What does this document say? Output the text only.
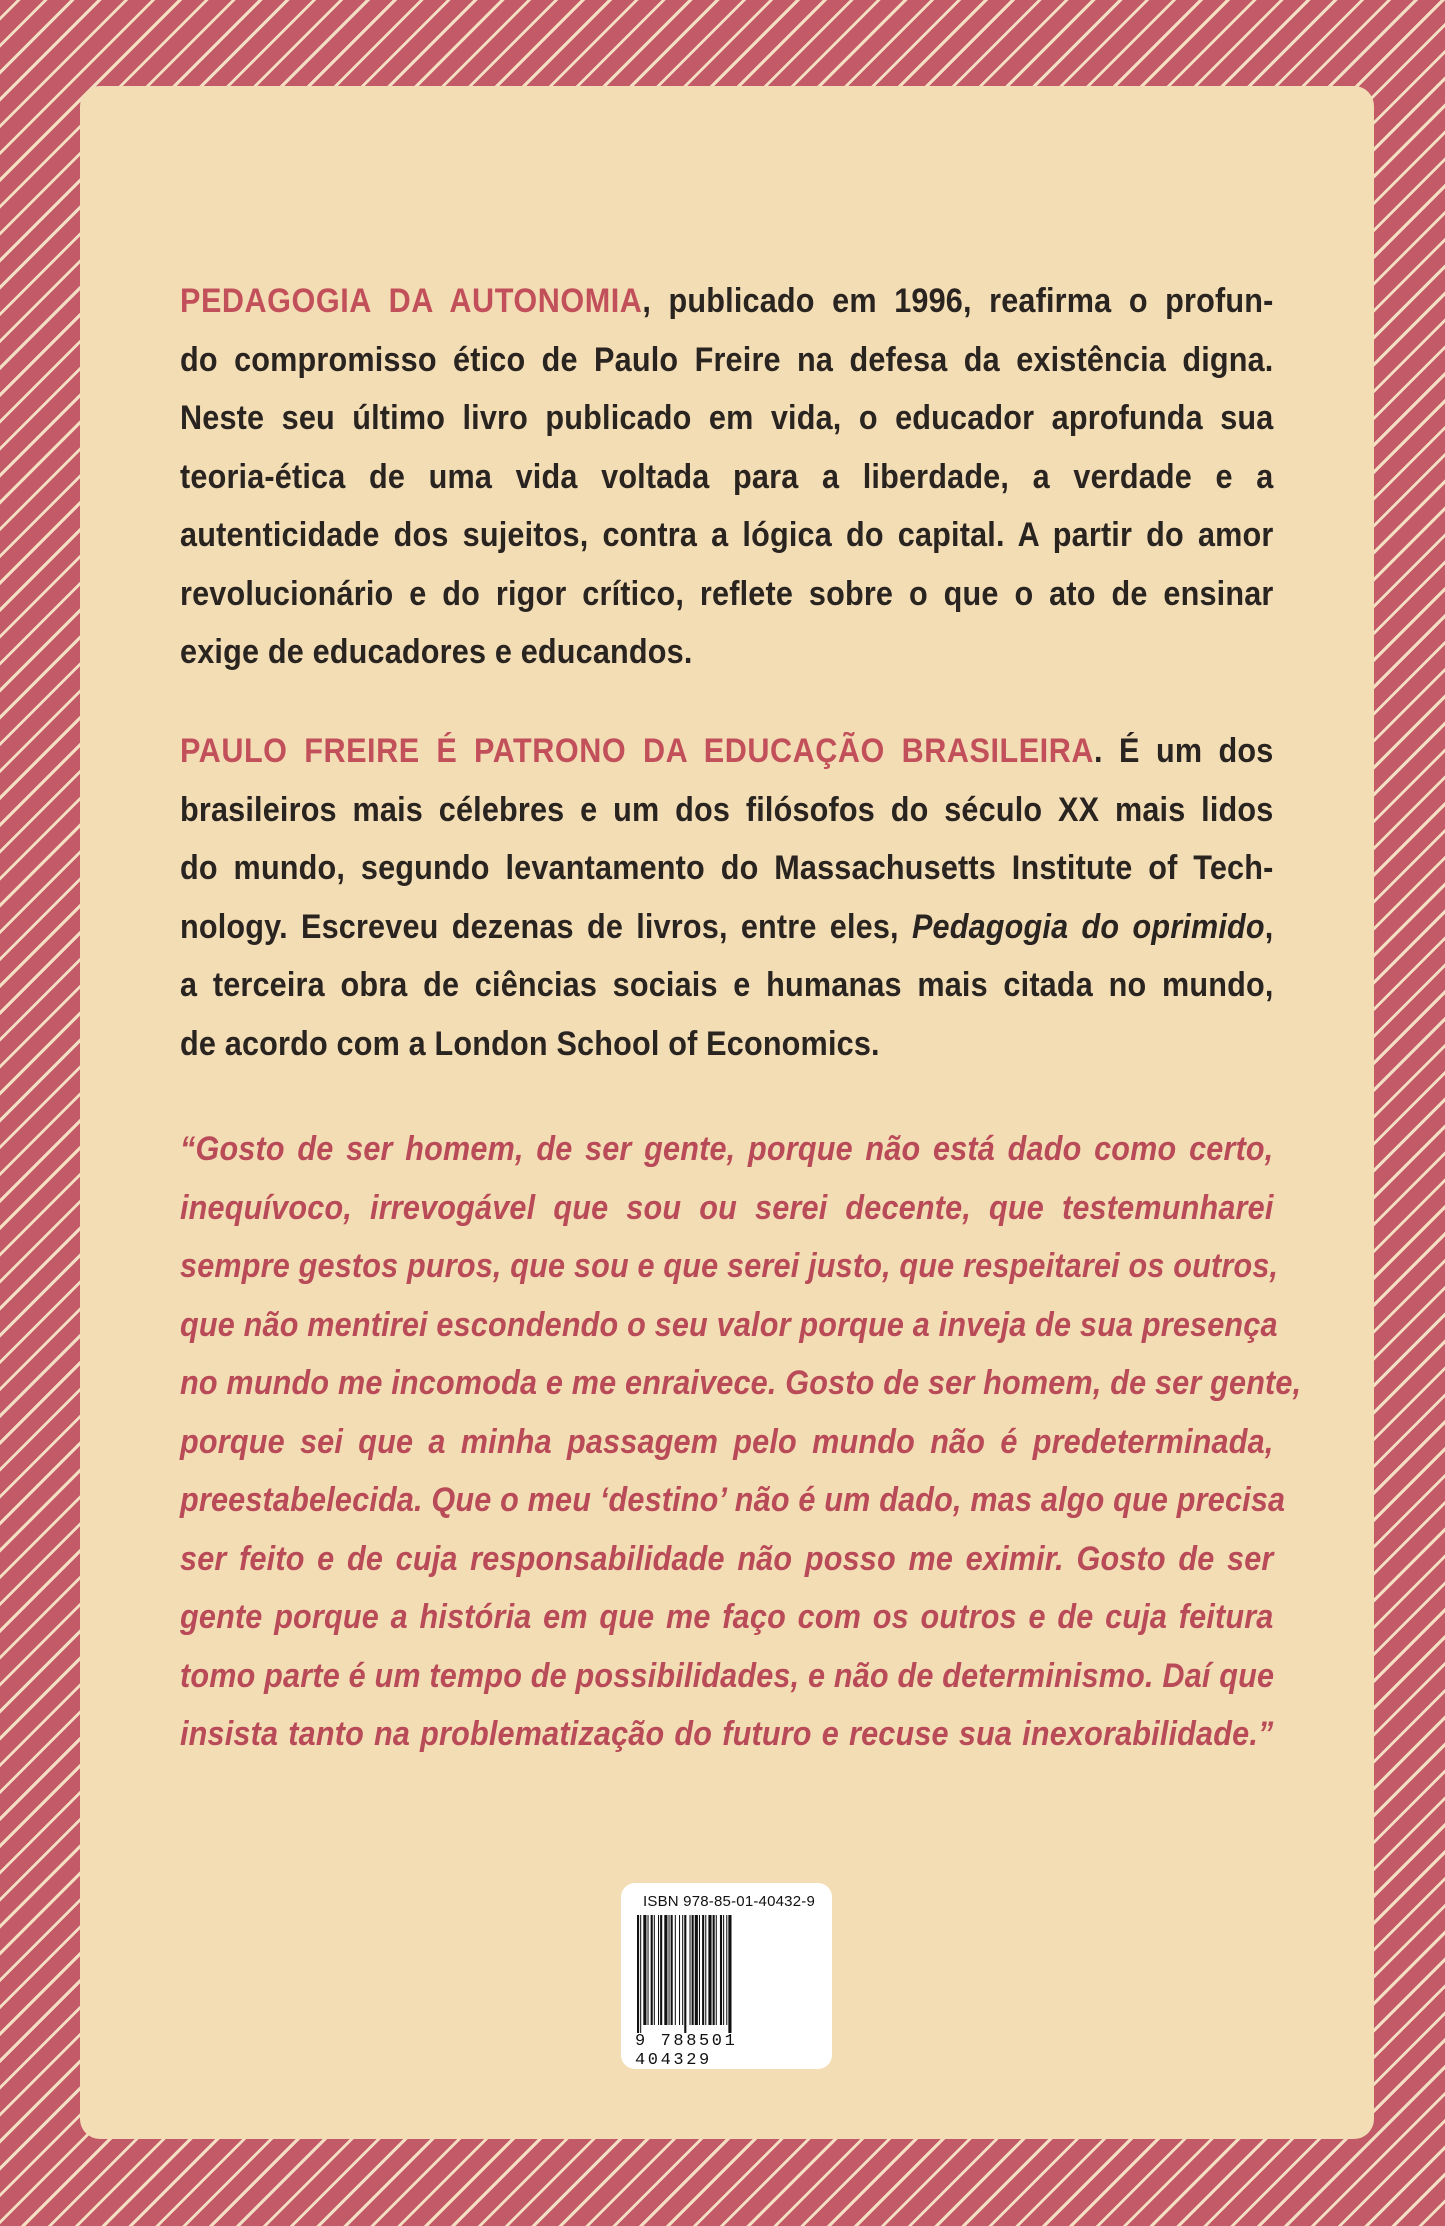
PEDAGOGIA DA AUTONOMIA, publicado em 1996, reafirma o profun-
do compromisso ético de Paulo Freire na defesa da existência digna.
Neste seu último livro publicado em vida, o educador aprofunda sua
teoria-ética de uma vida voltada para a liberdade, a verdade e a
autenticidade dos sujeitos, contra a lógica do capital. A partir do amor
revolucionário e do rigor crítico, reflete sobre o que o ato de ensinar
exige de educadores e educandos.
PAULO FREIRE É PATRONO DA EDUCAÇÃO BRASILEIRA. É um dos
brasileiros mais célebres e um dos filósofos do século XX mais lidos
do mundo, segundo levantamento do Massachusetts Institute of Tech-
nology. Escreveu dezenas de livros, entre eles, Pedagogia do oprimido,
a terceira obra de ciências sociais e humanas mais citada no mundo,
de acordo com a London School of Economics.
“Gosto de ser homem, de ser gente, porque não está dado como certo,
inequívoco, irrevogável que sou ou serei decente, que testemunharei
sempre gestos puros, que sou e que serei justo, que respeitarei os outros,
que não mentirei escondendo o seu valor porque a inveja de sua presença
no mundo me incomoda e me enraivece. Gosto de ser homem, de ser gente,
porque sei que a minha passagem pelo mundo não é predeterminada,
preestabelecida. Que o meu ‘destino’ não é um dado, mas algo que precisa
ser feito e de cuja responsabilidade não posso me eximir. Gosto de ser
gente porque a história em que me faço com os outros e de cuja feitura
tomo parte é um tempo de possibilidades, e não de determinismo. Daí que
insista tanto na problematização do futuro e recuse sua inexorabilidade.”
ISBN 978-85-01-40432-9
9 788501 404329
